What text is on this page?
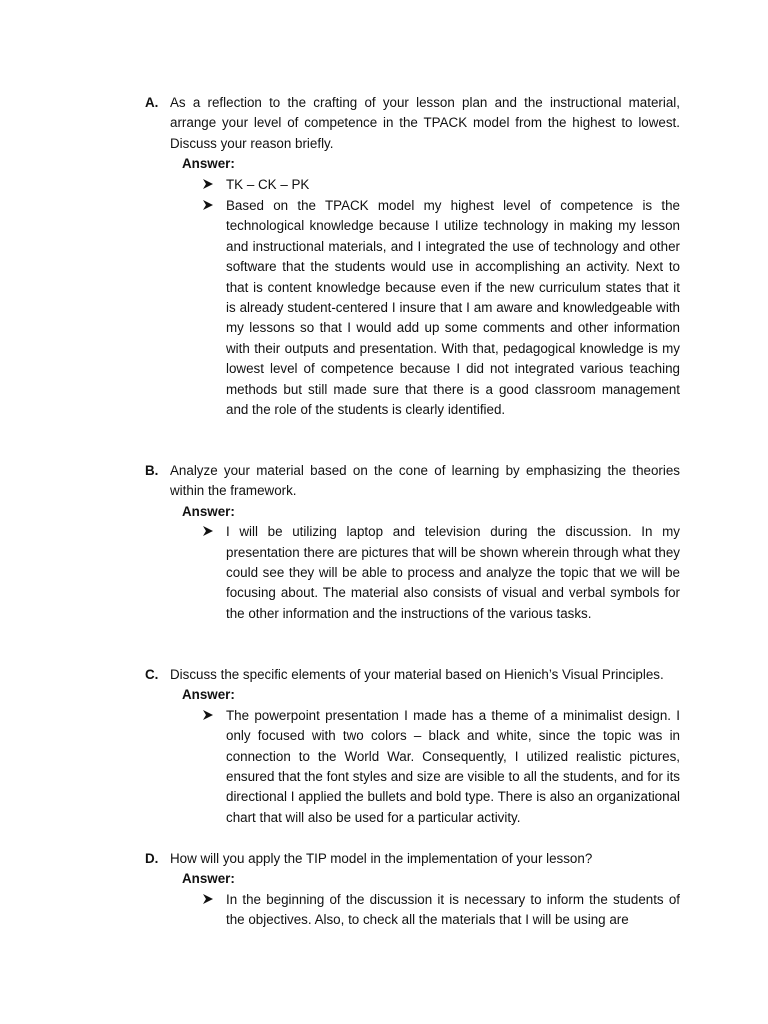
A. As a reflection to the crafting of your lesson plan and the instructional material, arrange your level of competence in the TPACK model from the highest to lowest. Discuss your reason briefly.
Answer:
TK – CK – PK
Based on the TPACK model my highest level of competence is the technological knowledge because I utilize technology in making my lesson and instructional materials, and I integrated the use of technology and other software that the students would use in accomplishing an activity. Next to that is content knowledge because even if the new curriculum states that it is already student-centered I insure that I am aware and knowledgeable with my lessons so that I would add up some comments and other information with their outputs and presentation. With that, pedagogical knowledge is my lowest level of competence because I did not integrated various teaching methods but still made sure that there is a good classroom management and the role of the students is clearly identified.
B. Analyze your material based on the cone of learning by emphasizing the theories within the framework.
Answer:
I will be utilizing laptop and television during the discussion. In my presentation there are pictures that will be shown wherein through what they could see they will be able to process and analyze the topic that we will be focusing about. The material also consists of visual and verbal symbols for the other information and the instructions of the various tasks.
C. Discuss the specific elements of your material based on Hienich’s Visual Principles.
Answer:
The powerpoint presentation I made has a theme of a minimalist design. I only focused with two colors – black and white, since the topic was in connection to the World War. Consequently, I utilized realistic pictures, ensured that the font styles and size are visible to all the students, and for its directional I applied the bullets and bold type. There is also an organizational chart that will also be used for a particular activity.
D. How will you apply the TIP model in the implementation of your lesson?
Answer:
In the beginning of the discussion it is necessary to inform the students of the objectives. Also, to check all the materials that I will be using are
